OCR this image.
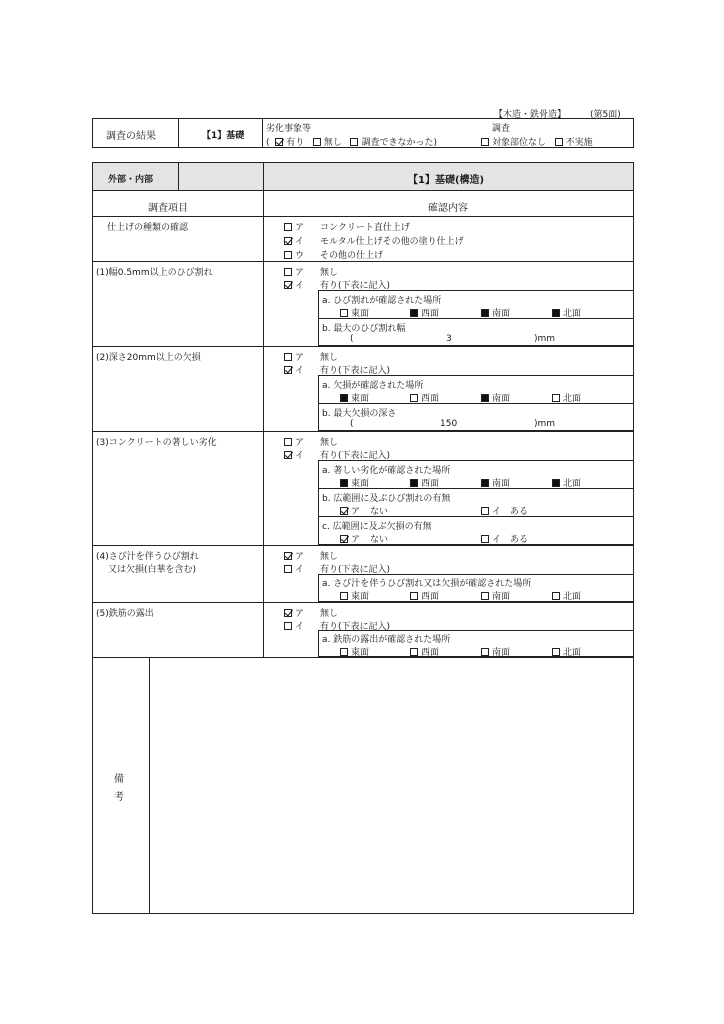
【木造・鉄骨造】	(第5面)
調査の結果	【1】基礎
劣化事象等
( 有り 無し 調査できなかった)
調査
対象部位なし 不実施
外部・内部	【1】基礎(構造)
調査項目	確認内容
仕上げの種類の確認	ア コンクリート直仕上げ
イ モルタル仕上げその他の塗り仕上げ
ウ その他の仕上げ
(1)幅0.5mm以上のひび割れ	ア 無し
イ 有り(下表に記入)
a. ひび割れが確認された場所
東面	西面	南面	北面
b. 最大のひび割れ幅
(	3	)mm
(2)深さ20mm以上の欠損	ア 無し
イ 有り(下表に記入)
a. 欠損が確認された場所
東面	西面	南面	北面
b. 最大欠損の深さ
(	150	)mm
(3)コンクリートの著しい劣化	ア 無し
イ 有り(下表に記入)
a. 著しい劣化が確認された場所
東面	西面	南面	北面
b. 広範囲に及ぶひび割れの有無
ア ない	イ ある
c. 広範囲に及ぶ欠損の有無
ア ない	イ ある
(4)さび汁を伴うひび割れ
又は欠損(白華を含む)
ア 無し
イ 有り(下表に記入)
a. さび汁を伴うひび割れ又は欠損が確認された場所
東面	西面	南面	北面
(5)鉄筋の露出	ア 無し
イ 有り(下表に記入)
a. 鉄筋の露出が確認された場所
東面	西面	南面	北面
備
考
